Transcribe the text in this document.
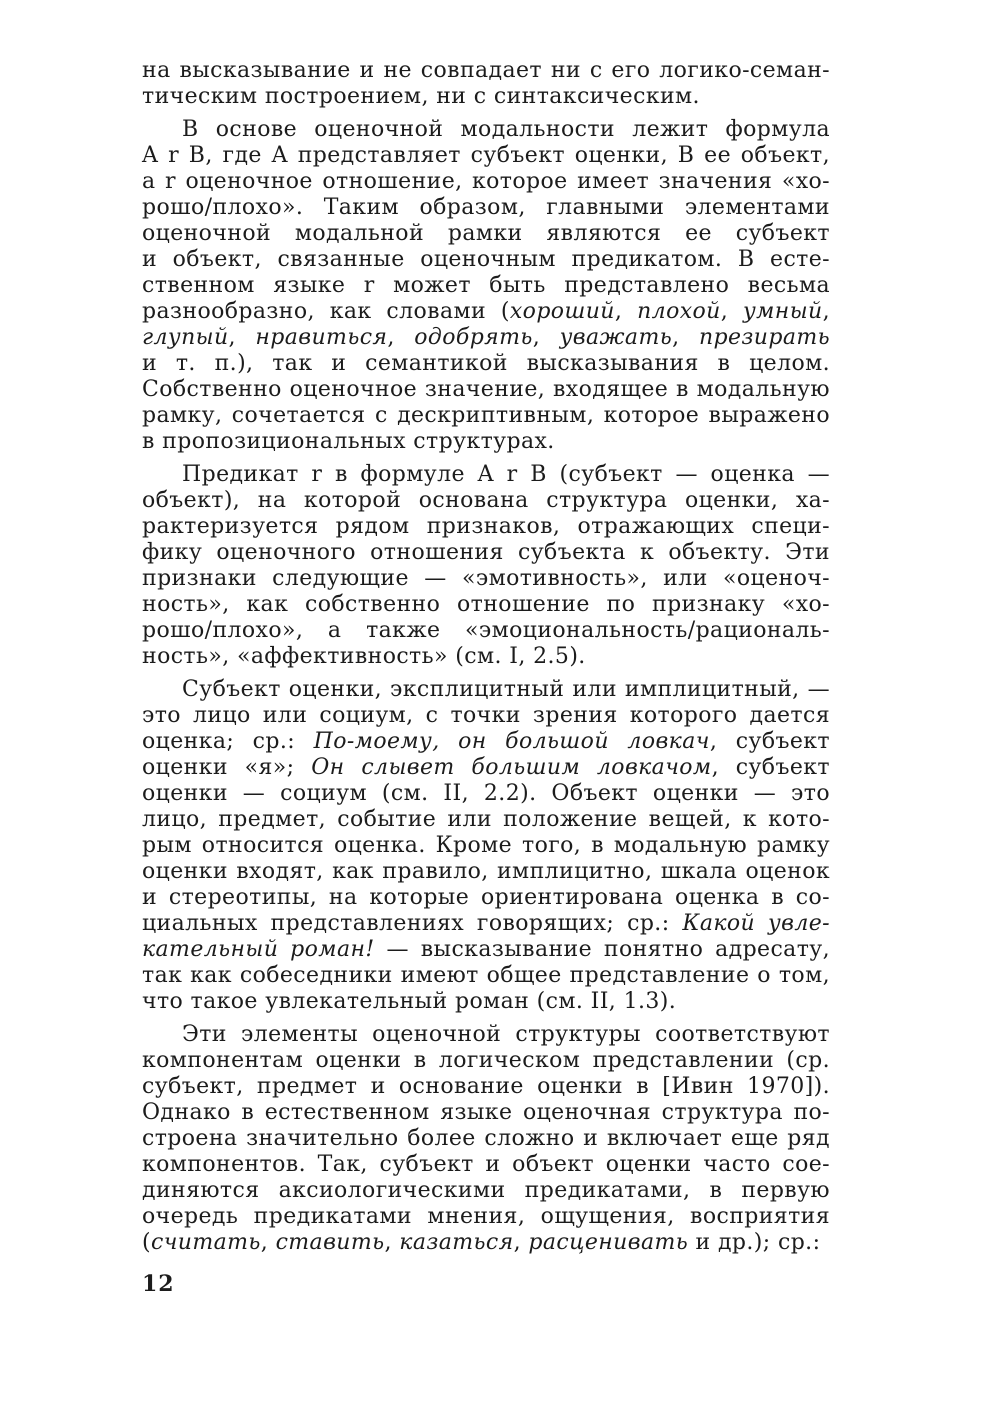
на высказывание и не совпадает ни с его логико-семан-
тическим построением, ни с синтаксическим.
В основе оценочной модальности лежит формула
A r B, где A представляет субъект оценки, B ее объект,
а r оценочное отношение, которое имеет значения «хо-
рошо/плохо». Таким образом, главными элементами
оценочной модальной рамки являются ее субъект
и объект, связанные оценочным предикатом. В есте-
ственном языке r может быть представлено весьма
разнообразно, как словами (хороший, плохой, умный,
глупый, нравиться, одобрять, уважать, презирать
и т. п.), так и семантикой высказывания в целом.
Собственно оценочное значение, входящее в модальную
рамку, сочетается с дескриптивным, которое выражено
в пропозициональных структурах.
Предикат r в формуле A r B (субъект — оценка —
объект), на которой основана структура оценки, ха-
рактеризуется рядом признаков, отражающих специ-
фику оценочного отношения субъекта к объекту. Эти
признаки следующие — «эмотивность», или «оценоч-
ность», как собственно отношение по признаку «хо-
рошо/плохо», а также «эмоциональность/рациональ-
ность», «аффективность» (см. I, 2.5).
Субъект оценки, эксплицитный или имплицитный, —
это лицо или социум, с точки зрения которого дается
оценка; ср.: По-моему, он большой ловкач, субъект
оценки «я»; Он слывет большим ловкачом, субъект
оценки — социум (см. II, 2.2). Объект оценки — это
лицо, предмет, событие или положение вещей, к кото-
рым относится оценка. Кроме того, в модальную рамку
оценки входят, как правило, имплицитно, шкала оценок
и стереотипы, на которые ориентирована оценка в со-
циальных представлениях говорящих; ср.: Какой увле-
кательный роман! — высказывание понятно адресату,
так как собеседники имеют общее представление о том,
что такое увлекательный роман (см. II, 1.3).
Эти элементы оценочной структуры соответствуют
компонентам оценки в логическом представлении (ср.
субъект, предмет и основание оценки в [Ивин 1970]).
Однако в естественном языке оценочная структура по-
строена значительно более сложно и включает еще ряд
компонентов. Так, субъект и объект оценки часто сое-
диняются аксиологическими предикатами, в первую
очередь предикатами мнения, ощущения, восприятия
(считать, ставить, казаться, расценивать и др.); ср.:
12
